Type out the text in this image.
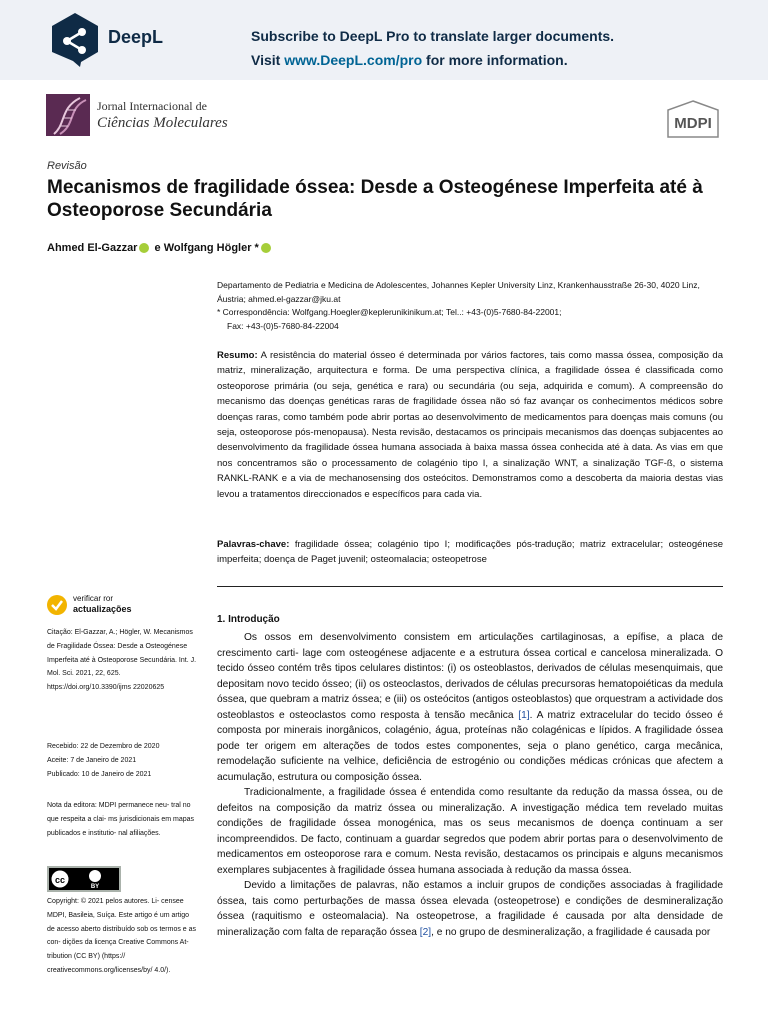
DeepL	Subscribe to DeepL Pro to translate larger documents.
Visit www.DeepL.com/pro for more information.
Jornal Internacional de
Ciências Moleculares	MDPI
Revisão
Mecanismos de fragilidade óssea: Desde a Osteogénese Imperfeita até à Osteoporose Secundária
Ahmed El-Gazzar e Wolfgang Högler *

Departamento de Pediatria e Medicina de Adolescentes, Johannes Kepler University Linz, Krankenhausstraße 26-30, 4020 Linz, Áustria; ahmed.el-gazzar@jku.at

* Correspondência: Wolfgang.Hoegler@keplerunikinikum.at; Tel..: +43-(0)5-7680-84-22001;

Fax: +43-(0)5-7680-84-22004

Resumo: A resistência do material ósseo é determinada por vários factores, tais como massa óssea, composição da matriz, mineralização, arquitectura e forma. De uma perspectiva clínica, a fragilidade óssea é classificada como osteoporose primária (ou seja, genética e rara) ou secundária (ou seja, adquirida e comum). A compreensão do mecanismo das doenças genéticas raras de fragilidade óssea não só faz avançar os conhecimentos médicos sobre doenças raras, como também pode abrir portas ao desenvolvimento de medicamentos para doenças mais comuns (ou seja, osteoporose pós-menopausa). Nesta revisão, destacamos os principais mecanismos das doenças subjacentes ao desenvolvimento da fragilidade óssea humana associada à baixa massa óssea conhecida até à data. As vias em que nos concentramos são o processamento de colagénio tipo I, a sinalização WNT, a sinalização TGF-ß, o sistema RANKL-RANK e a via de mechanosensing dos osteócitos. Demonstramos como a descoberta da maioria destas vias levou a tratamentos direccionados e específicos para cada via.
Palavras-chave: fragilidade óssea; colagénio tipo I; modificações pós-tradução; matriz extracelular; osteogénese imperfeita; doença de Paget juvenil; osteomalacia; osteopetrose
verificar ror
actualizações
Citação: El-Gazzar, A.; Högler, W. Mecanismos de Fragilidade Óssea: Desde a Osteogénese Imperfeita até à Osteoporose Secundária. Int. J. Mol. Sci. 2021, 22, 625. https://doi.org/10.3390/ijms 22020625
Recebido: 22 de Dezembro de 2020
Aceite: 7 de Janeiro de 2021
Publicado: 10 de Janeiro de 2021
Nota da editora: MDPI permanece neu- tral no que respeita a clai- ms jurisdicionais em mapas publicados e institutio- nal afiliações.
cc
BY
Copyright: © 2021 pelos autores. Li- censee MDPI, Basileia, Suíça. Este artigo é um artigo de acesso aberto distribuído sob os termos e as con- dições da licença Creative Commons At- tribution (CC BY) (https:// creativecommons.org/licenses/by/ 4.0/).
1. Introdução

Os ossos em desenvolvimento consistem em articulações cartilaginosas, a epífise, a placa de crescimento carti- lage com osteogénese adjacente e a estrutura óssea cortical e cancelosa mineralizada. O tecido ósseo contém três tipos celulares distintos: (i) os osteoblastos, derivados de células mesenquimais, que depositam novo tecido ósseo; (ii) os osteoclastos, derivados de células precursoras hematopoiéticas da medula óssea, que quebram a matriz óssea; e (iii) os osteócitos (antigos osteoblastos) que orquestram a actividade dos osteoblastos e osteoclastos como resposta à tensão mecânica [1]. A matriz extracelular do tecido ósseo é composta por minerais inorgânicos, colagénio, água, proteínas não colagénicas e lípidos. A fragilidade óssea pode ter origem em alterações de todos estes componentes, seja o plano genético, carga mecânica, remodelação suficiente na velhice, deficiência de estrogénio ou condições médicas crónicas que afectem a acumulação, estrutura ou composição óssea.

Tradicionalmente, a fragilidade óssea é entendida como resultante da redução da massa óssea, ou de defeitos na composição da matriz óssea ou mineralização. A investigação médica tem revelado muitas condições de fragilidade óssea monogénica, mas os seus mecanismos de doença continuam a ser incompreendidos. De facto, continuam a guardar segredos que podem abrir portas para o desenvolvimento de medicamentos em osteoporose rara e comum. Nesta revisão, destacamos os principais e alguns mecanismos exemplares subjacentes à fragilidade óssea humana associada à redução da massa óssea.

Devido a limitações de palavras, não estamos a incluir grupos de condições associadas à fragilidade óssea, tais como perturbações de massa óssea elevada (osteopetrose) e condições de desmineralização óssea (raquitismo e osteomalacia). Na osteopetrose, a fragilidade é causada por alta densidade de mineralização com falta de reparação óssea [2], e no grupo de desmineralização, a fragilidade é causada por
